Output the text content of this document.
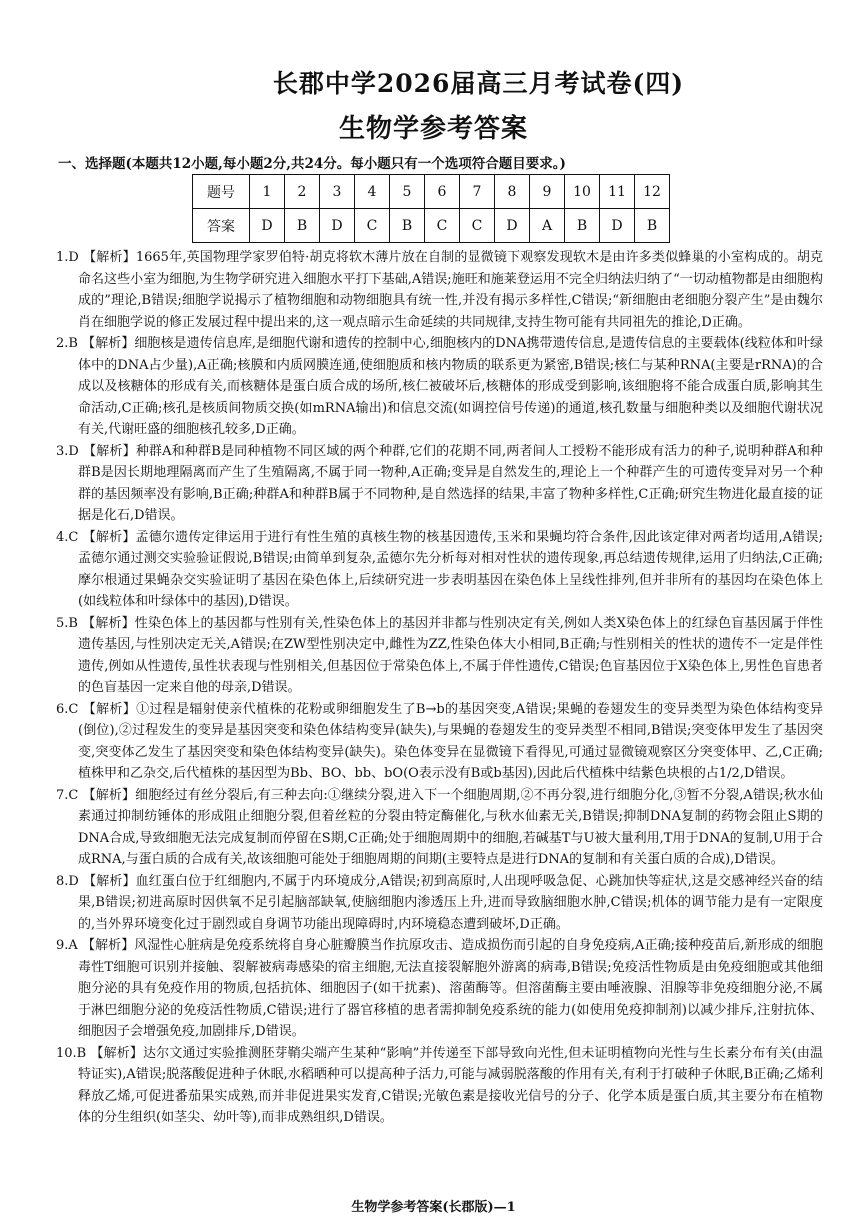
长郡中学2026届高三月考试卷(四)
生物学参考答案
一、选择题(本题共12小题,每小题2分,共24分。每小题只有一个选项符合题目要求。)
题号	1	2	3	4	5	6	7	8	9	10	11	12
答案	D	B	D	C	B	C	C	D	A	B	D	B

1.D 【解析】1665年,英国物理学家罗伯特·胡克将软木薄片放在自制的显微镜下观察发现软木是由许多类似蜂巢的小室构成的。胡克命名这些小室为细胞,为生物学研究进入细胞水平打下基础,A错误;施旺和施莱登运用不完全归纳法归纳了“一切动植物都是由细胞构成的”理论,B错误;细胞学说揭示了植物细胞和动物细胞具有统一性,并没有揭示多样性,C错误;“新细胞由老细胞分裂产生”是由魏尔肖在细胞学说的修正发展过程中提出来的,这一观点暗示生命延续的共同规律,支持生物可能有共同祖先的推论,D正确。

2.B 【解析】细胞核是遗传信息库,是细胞代谢和遗传的控制中心,细胞核内的DNA携带遗传信息,是遗传信息的主要载体(线粒体和叶绿体中的DNA占少量),A正确;核膜和内质网膜连通,使细胞质和核内物质的联系更为紧密,B错误;核仁与某种RNA(主要是rRNA)的合成以及核糖体的形成有关,而核糖体是蛋白质合成的场所,核仁被破坏后,核糖体的形成受到影响,该细胞将不能合成蛋白质,影响其生命活动,C正确;核孔是核质间物质交换(如mRNA输出)和信息交流(如调控信号传递)的通道,核孔数量与细胞种类以及细胞代谢状况有关,代谢旺盛的细胞核孔较多,D正确。

3.D 【解析】种群A和种群B是同种植物不同区域的两个种群,它们的花期不同,两者间人工授粉不能形成有活力的种子,说明种群A和种群B是因长期地理隔离而产生了生殖隔离,不属于同一物种,A正确;变异是自然发生的,理论上一个种群产生的可遗传变异对另一个种群的基因频率没有影响,B正确;种群A和种群B属于不同物种,是自然选择的结果,丰富了物种多样性,C正确;研究生物进化最直接的证据是化石,D错误。

4.C 【解析】孟德尔遗传定律运用于进行有性生殖的真核生物的核基因遗传,玉米和果蝇均符合条件,因此该定律对两者均适用,A错误;孟德尔通过测交实验验证假说,B错误;由简单到复杂,孟德尔先分析每对相对性状的遗传现象,再总结遗传规律,运用了归纳法,C正确;摩尔根通过果蝇杂交实验证明了基因在染色体上,后续研究进一步表明基因在染色体上呈线性排列,但并非所有的基因均在染色体上(如线粒体和叶绿体中的基因),D错误。

5.B 【解析】性染色体上的基因都与性别有关,性染色体上的基因并非都与性别决定有关,例如人类X染色体上的红绿色盲基因属于伴性遗传基因,与性别决定无关,A错误;在ZW型性别决定中,雌性为ZZ,性染色体大小相同,B正确;与性别相关的性状的遗传不一定是伴性遗传,例如从性遗传,虽性状表现与性别相关,但基因位于常染色体上,不属于伴性遗传,C错误;色盲基因位于X染色体上,男性色盲患者的色盲基因一定来自他的母亲,D错误。

6.C 【解析】①过程是辐射使亲代植株的花粉或卵细胞发生了B→b的基因突变,A错误;果蝇的卷翅发生的变异类型为染色体结构变异(倒位),②过程发生的变异是基因突变和染色体结构变异(缺失),与果蝇的卷翅发生的变异类型不相同,B错误;突变体甲发生了基因突变,突变体乙发生了基因突变和染色体结构变异(缺失)。染色体变异在显微镜下看得见,可通过显微镜观察区分突变体甲、乙,C正确;植株甲和乙杂交,后代植株的基因型为Bb、BO、bb、bO(O表示没有B或b基因),因此后代植株中结紫色块根的占1/2,D错误。

7.C 【解析】细胞经过有丝分裂后,有三种去向:①继续分裂,进入下一个细胞周期,②不再分裂,进行细胞分化,③暂不分裂,A错误;秋水仙素通过抑制纺锤体的形成阻止细胞分裂,但着丝粒的分裂由特定酶催化,与秋水仙素无关,B错误;抑制DNA复制的药物会阻止S期的DNA合成,导致细胞无法完成复制而停留在S期,C正确;处于细胞周期中的细胞,若碱基T与U被大量利用,T用于DNA的复制,U用于合成RNA,与蛋白质的合成有关,故该细胞可能处于细胞周期的间期(主要特点是进行DNA的复制和有关蛋白质的合成),D错误。

8.D 【解析】血红蛋白位于红细胞内,不属于内环境成分,A错误;初到高原时,人出现呼吸急促、心跳加快等症状,这是交感神经兴奋的结果,B错误;初进高原时因供氧不足引起脑部缺氧,使脑细胞内渗透压上升,进而导致脑细胞水肿,C错误;机体的调节能力是有一定限度的,当外界环境变化过于剧烈或自身调节功能出现障碍时,内环境稳态遭到破坏,D正确。

9.A 【解析】风湿性心脏病是免疫系统将自身心脏瓣膜当作抗原攻击、造成损伤而引起的自身免疫病,A正确;接种疫苗后,新形成的细胞毒性T细胞可识别并接触、裂解被病毒感染的宿主细胞,无法直接裂解胞外游离的病毒,B错误;免疫活性物质是由免疫细胞或其他细胞分泌的具有免疫作用的物质,包括抗体、细胞因子(如干扰素)、溶菌酶等。但溶菌酶主要由唾液腺、泪腺等非免疫细胞分泌,不属于淋巴细胞分泌的免疫活性物质,C错误;进行了器官移植的患者需抑制免疫系统的能力(如使用免疫抑制剂)以减少排斥,注射抗体、细胞因子会增强免疫,加剧排斥,D错误。

10.B 【解析】达尔文通过实验推测胚芽鞘尖端产生某种“影响”并传递至下部导致向光性,但未证明植物向光性与生长素分布有关(由温特证实),A错误;脱落酸促进种子休眠,水稻晒种可以提高种子活力,可能与减弱脱落酸的作用有关,有利于打破种子休眠,B正确;乙烯利释放乙烯,可促进番茄果实成熟,而并非促进果实发育,C错误;光敏色素是接收光信号的分子、化学本质是蛋白质,其主要分布在植物体的分生组织(如茎尖、幼叶等),而非成熟组织,D错误。

生物学参考答案(长郡版)—1
